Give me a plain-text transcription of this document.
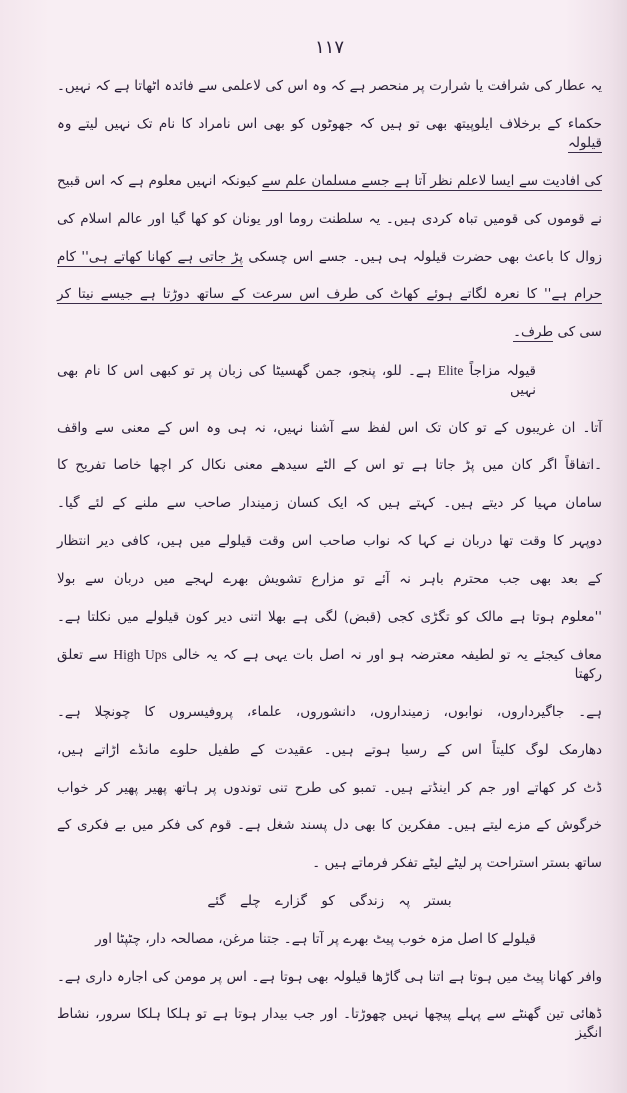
١١٧
یہ عطار کی شرافت یا شرارت پر منحصر ہے کہ وہ اس کی لاعلمی سے فائدہ اٹھاتا ہے کہ نہیں۔
حکماء کے برخلاف ایلوپیتھ بھی تو ہیں کہ جھوٹوں کو بھی اس نامراد کا نام تک نہیں لیتے وہ قیلولہ
کی افادیت سے ایسا لاعلم نظر آتا ہے جسے مسلمان علم سے کیونکہ انہیں معلوم ہے کہ اس قبیح
نے قوموں کی قومیں تباہ کردی ہیں۔ یہ سلطنت روما اور یونان کو کھا گیا اور عالم اسلام کی
زوال کا باعث بھی حضرت قیلولہ ہی ہیں۔ جسے اس چسکی پڑ جاتی ہے کھانا کھاتے ہی'' کام
حرام ہے'' کا نعرہ لگاتے ہوئے کھاٹ کی طرف اس سرعت کے ساتھ دوڑتا ہے جیسے نیتا کر
سی کی طرف۔
قیولہ مزاجاً Elite ہے۔ للو، پنجو، جمن گھسیٹا کی زبان پر تو کبھی اس کا نام بھی نہیں
آتا۔ ان غریبوں کے تو کان تک اس لفظ سے آشنا نہیں، نہ ہی وہ اس کے معنی سے واقف
۔اتفاقاً اگر کان میں پڑ جاتا ہے تو اس کے الٹے سیدھے معنی نکال کر اچھا خاصا تفریح کا
سامان مہیا کر دیتے ہیں۔ کہتے ہیں کہ ایک کسان زمیندار صاحب سے ملنے کے لئے گیا۔
دوپہر کا وقت تھا دربان نے کہا کہ نواب صاحب اس وقت قیلولے میں ہیں، کافی دیر انتظار
کے بعد بھی جب محترم باہر نہ آئے تو مزارع تشویش بھرے لہجے میں دربان سے بولا
''معلوم ہوتا ہے مالک کو تگڑی کجی (قبض) لگی ہے بھلا اتنی دیر کون قیلولے میں نکلتا ہے۔
معاف کیجئے یہ تو لطیفہ معترضہ ہو اور نہ اصل بات یہی ہے کہ یہ خالی High Ups سے تعلق رکھتا
ہے۔ جاگیرداروں، نوابوں، زمینداروں، دانشوروں، علماء، پروفیسروں کا چونچلا ہے۔
دھارمک لوگ کلیتاً اس کے رسیا ہوتے ہیں۔ عقیدت کے طفیل حلوے مانڈے اڑاتے ہیں،
ڈٹ کر کھاتے اور جم کر اینڈتے ہیں۔ تمبو کی طرح تنی توندوں پر ہاتھ پھیر پھیر کر خواب
خرگوش کے مزے لیتے ہیں۔ مفکرین کا بھی دل پسند شغل ہے۔ قوم کی فکر میں بے فکری کے
ساتھ بستر استراحت پر لیٹے لیٹے تفکر فرماتے ہیں ۔
بستر پہ زندگی کو گزارے چلے گئے
قیلولے کا اصل مزہ خوب پیٹ بھرے پر آتا ہے۔ جتنا مرغن، مصالحہ دار، چٹپٹا اور
وافر کھانا پیٹ میں ہوتا ہے اتنا ہی گاڑھا قیلولہ بھی ہوتا ہے۔ اس پر مومن کی اجارہ داری ہے۔
ڈھائی تین گھنٹے سے پہلے پیچھا نہیں چھوڑتا۔ اور جب بیدار ہوتا ہے تو ہلکا ہلکا سرور، نشاط انگیز
